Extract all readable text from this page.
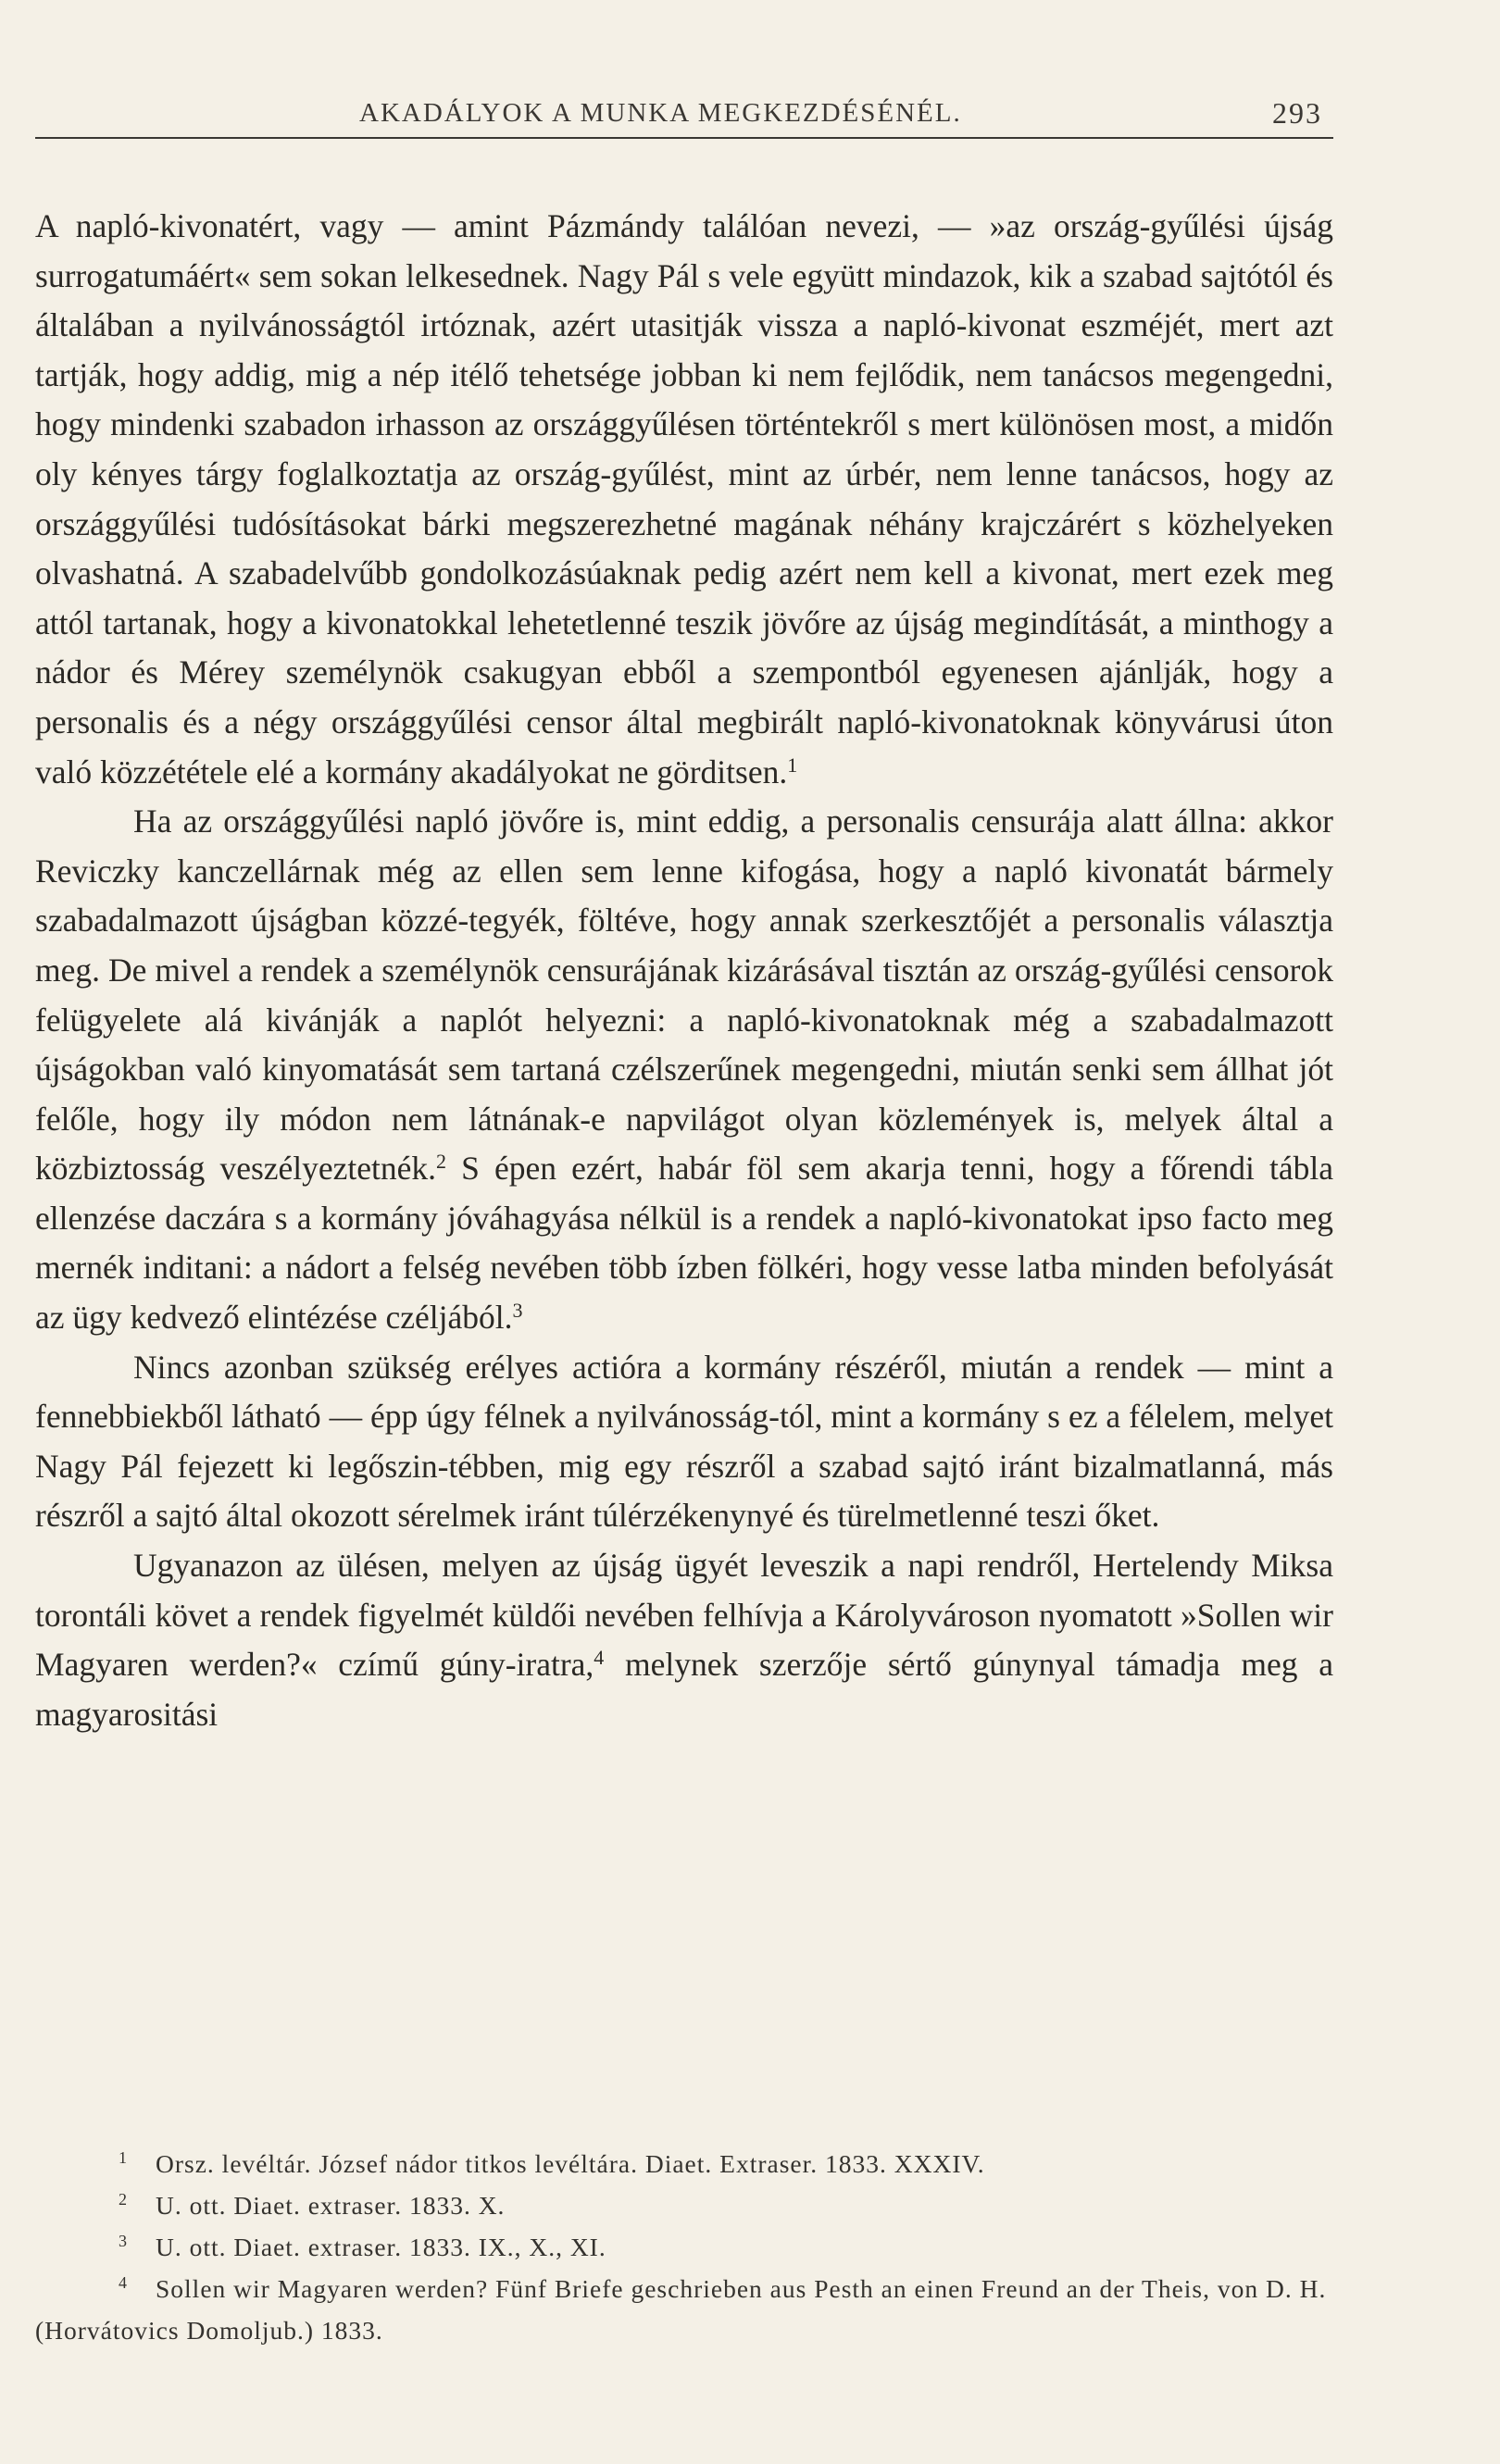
AKADÁLYOK A MUNKA MEGKEZDÉSÉNÉL.	293

A napló-kivonatért, vagy — amint Pázmándy találóan nevezi, — »az ország-gyűlési újság surrogatumáért« sem sokan lelkesednek. Nagy Pál s vele együtt mindazok, kik a szabad sajtótól és általában a nyilvánosságtól irtóznak, azért utasitják vissza a napló-kivonat eszméjét, mert azt tartják, hogy addig, mig a nép itélő tehetsége jobban ki nem fejlődik, nem tanácsos megengedni, hogy mindenki szabadon irhasson az országgyűlésen történtekről s mert különösen most, a midőn oly kényes tárgy foglalkoztatja az ország-gyűlést, mint az úrbér, nem lenne tanácsos, hogy az országgyűlési tudósításokat bárki megszerezhetné magának néhány krajczárért s közhelyeken olvashatná. A szabadelvűbb gondolkozásúaknak pedig azért nem kell a kivonat, mert ezek meg attól tartanak, hogy a kivonatokkal lehetetlenné teszik jövőre az újság megindítását, a minthogy a nádor és Mérey személynök csakugyan ebből a szempontból egyenesen ajánlják, hogy a personalis és a négy országgyűlési censor által megbirált napló-kivonatoknak könyvárusi úton való közzététele elé a kormány akadályokat ne görditsen.$^1$

Ha az országgyűlési napló jövőre is, mint eddig, a personalis censurája alatt állna: akkor Reviczky kanczellárnak még az ellen sem lenne kifogása, hogy a napló kivonatát bármely szabadalmazott újságban közzé-tegyék, föltéve, hogy annak szerkesztőjét a personalis választja meg. De mivel a rendek a személynök censurájának kizárásával tisztán az ország-gyűlési censorok felügyelete alá kivánják a naplót helyezni: a napló-kivonatoknak még a szabadalmazott újságokban való kinyomatását sem tartaná czélszerűnek megengedni, miután senki sem állhat jót felőle, hogy ily módon nem látnának-e napvilágot olyan közlemények is, melyek által a közbiztosság veszélyeztetnék.$^2$ S épen ezért, habár föl sem akarja tenni, hogy a főrendi tábla ellenzése daczára s a kormány jóváhagyása nélkül is a rendek a napló-kivonatokat ipso facto meg mernék inditani: a nádort a felség nevében több ízben fölkéri, hogy vesse latba minden befolyását az ügy kedvező elintézése czéljából.$^3$

Nincs azonban szükség erélyes actióra a kormány részéről, miután a rendek — mint a fennebbiekből látható — épp úgy félnek a nyilvánosság-tól, mint a kormány s ez a félelem, melyet Nagy Pál fejezett ki legőszin-tébben, mig egy részről a szabad sajtó iránt bizalmatlanná, más részről a sajtó által okozott sérelmek iránt túlérzékenynyé és türelmetlenné teszi őket.

Ugyanazon az ülésen, melyen az újság ügyét leveszik a napi rendről, Hertelendy Miksa torontáli követ a rendek figyelmét küldői nevében felhívja a Károlyvároson nyomatott »Sollen wir Magyaren werden?« czímű gúny-iratra,$^4$ melynek szerzője sértő gúnynyal támadja meg a magyarositási

1 Orsz. levéltár. József nádor titkos levéltára. Diaet. Extraser. 1833. XXXIV.
2 U. ott. Diaet. extraser. 1833. X.
3 U. ott. Diaet. extraser. 1833. IX., X., XI.
4 Sollen wir Magyaren werden? Fünf Briefe geschrieben aus Pesth an einen Freund an der Theis, von D. H. (Horvátovics Domoljub.) 1833.
